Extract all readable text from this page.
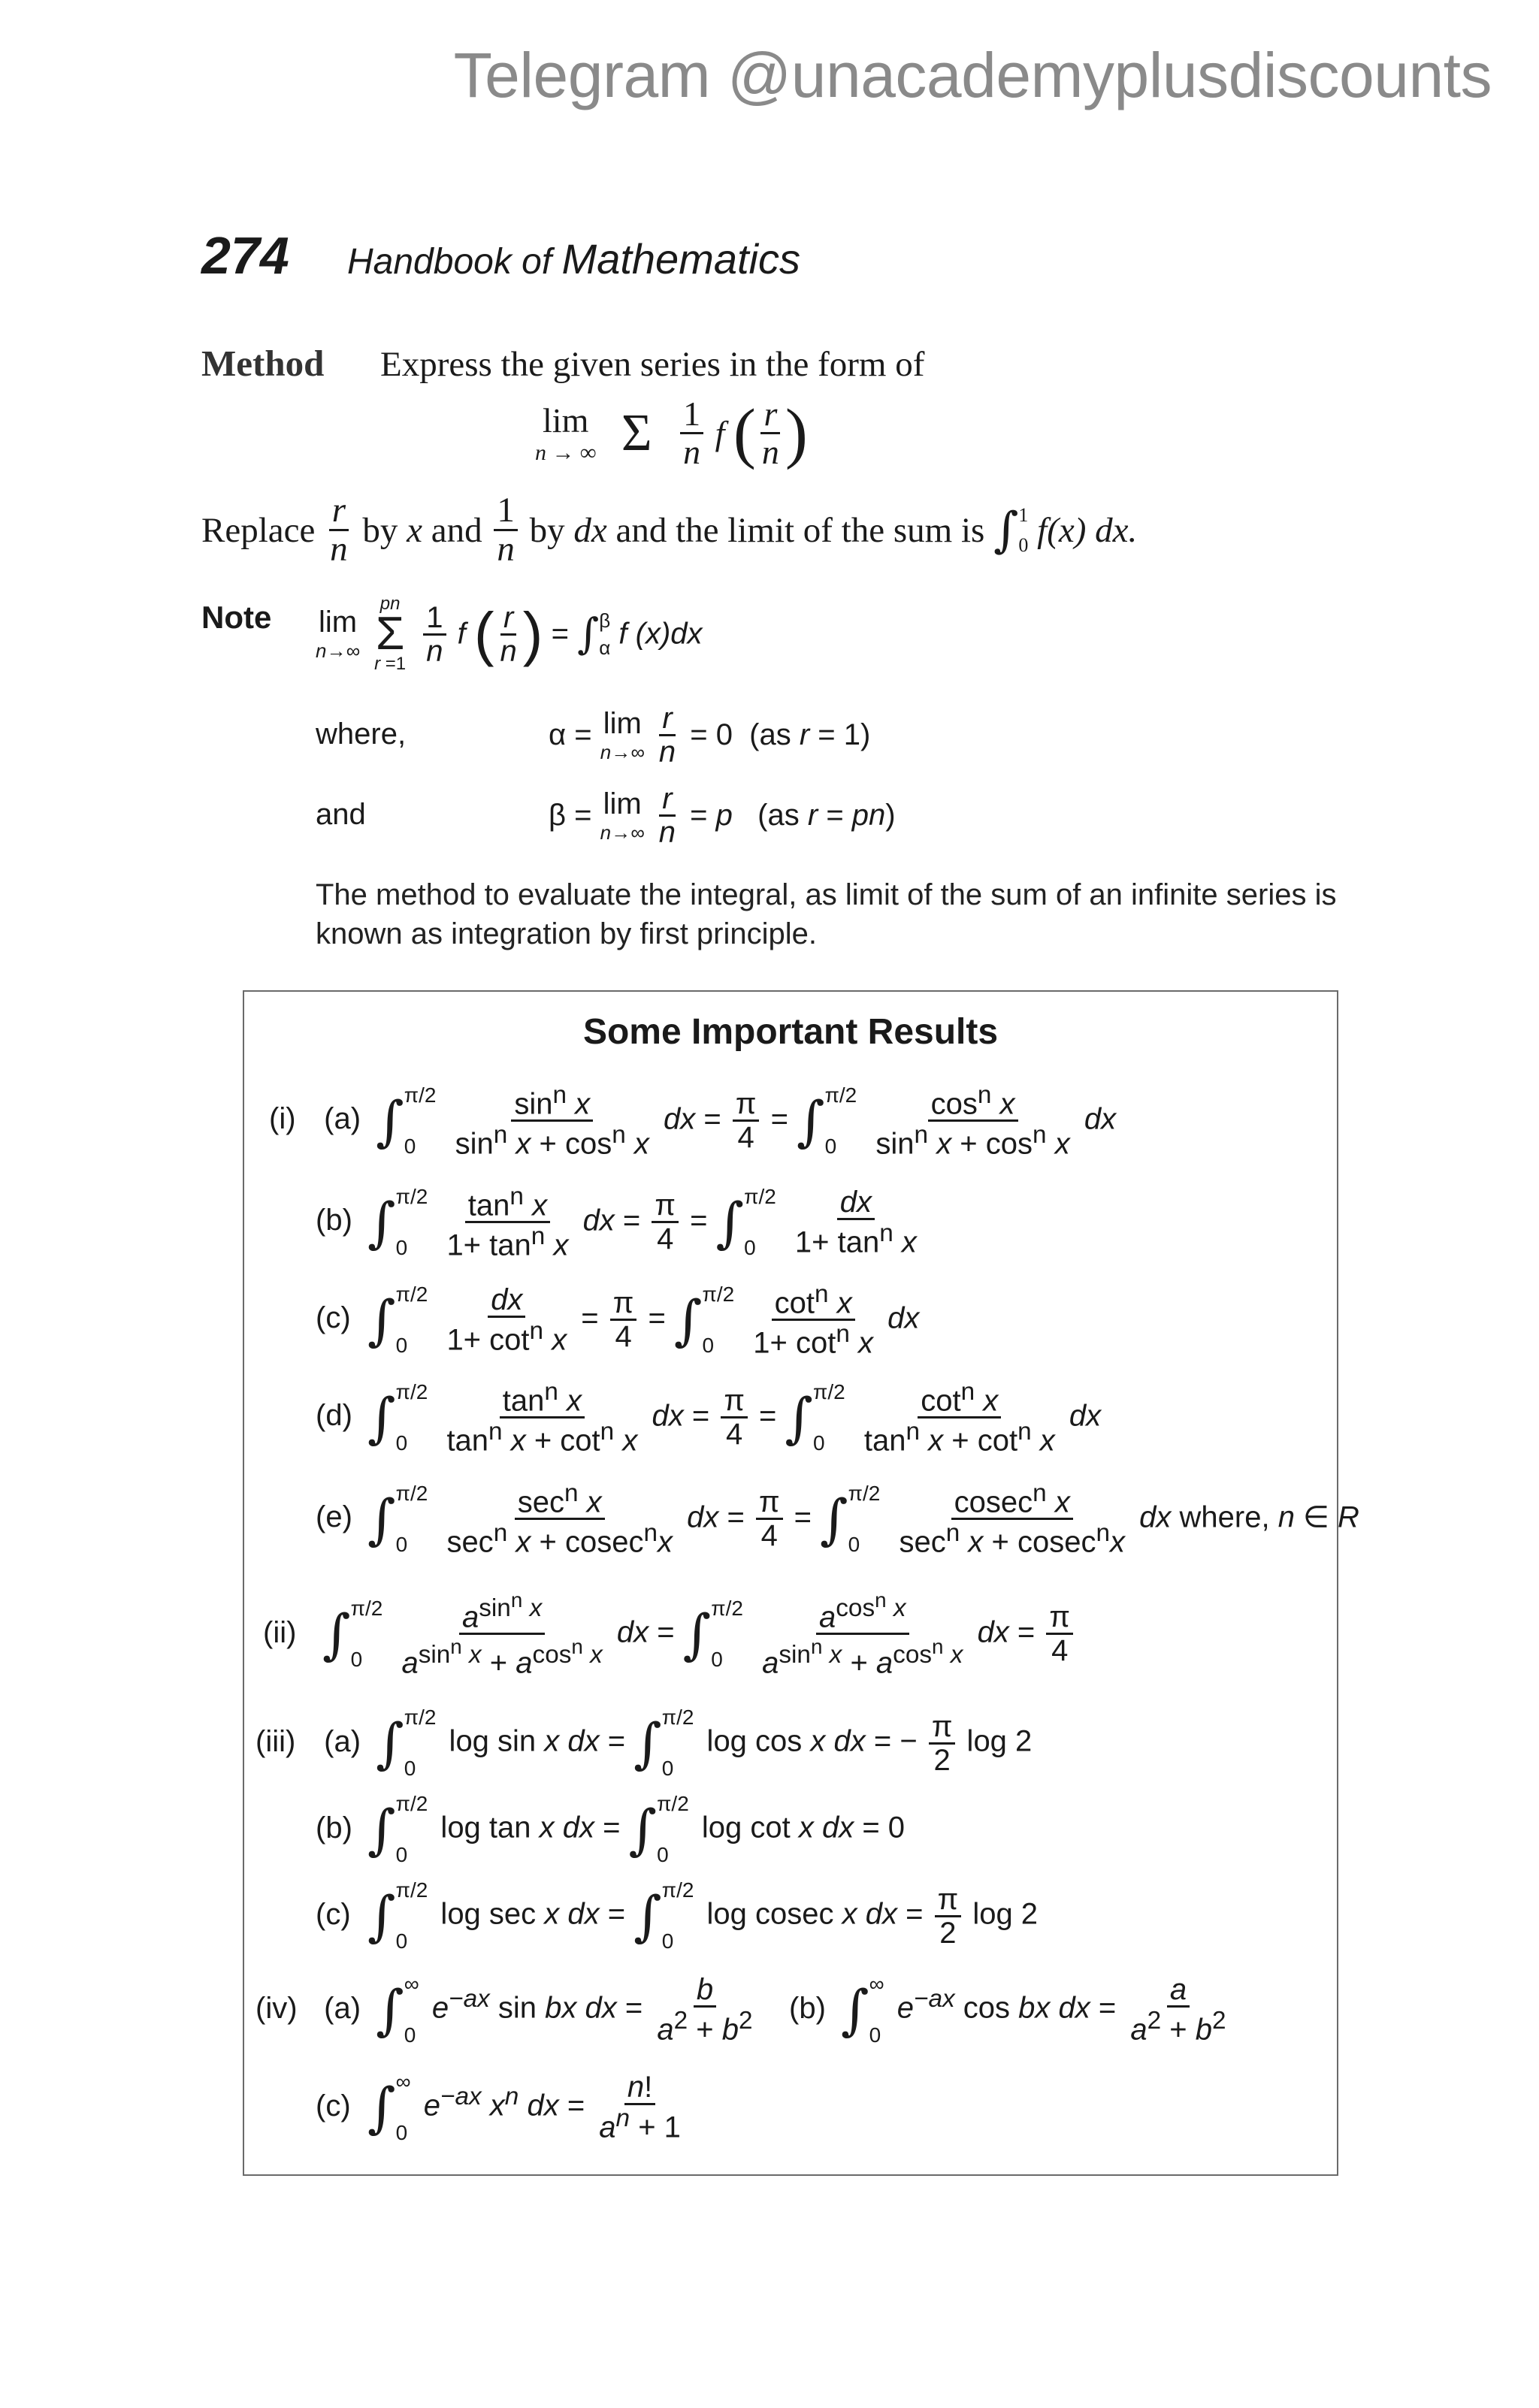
Telegram @unacademyplusdiscounts
274 Handbook of Mathematics
Method Express the given series in the form of
lim
n → ∞ Σ $\frac{1}{n}$ f ( $\frac{r}{n}$ )
Replace $\frac{r}{n}$ by x and $\frac{1}{n}$ by dx and the limit of the sum is ∫ 1
0 f(x) dx.
Note lim
n→∞

pn
Σ
r =1
$\frac{1}{n}$ f ( $\frac{r}{n}$ ) = ∫ β
α f (x)dx
where,	α = lim
n→∞
$\frac{r}{n} = 0$  (as r = 1)
and	β = lim
n→∞
$\frac{r}{n} = p$   (as r = pn)
The method to evaluate the integral, as limit of the sum of an infinite series is known as integration by first principle.
Some Important Results
(i) (a) ∫ π/2
0
	$\frac{\sin^n x}{\sin^n x + \cos^n x}$ dx = $\frac{\pi}{4}$ = ∫ π/2
0
	$\frac{\cos^n x}{\sin^n x + \cos^n x}$ dx
(b) ∫ π/2
0
	$\frac{\tan^n x}{1+ \tan^n x}$ dx = $\frac{\pi}{4}$ = ∫ π/2
0
	$\frac{dx}{1+ \tan^n x}$
(c) ∫ π/2
0
	$\frac{dx}{1+ \cot^n x} = \frac{\pi}{4}$ = ∫ π/2
0
	$\frac{\cot^n x}{1+ \cot^n x}$ dx
(d) ∫ π/2
0
	$\frac{\tan^n x}{\tan^n x + \cot^n x}$ dx = $\frac{\pi}{4}$ = ∫ π/2
0
	$\frac{\cot^n x}{\tan^n x + \cot^n x}$ dx
(e) ∫ π/2
0
	$\frac{\sec^n x}{\sec^n x + cosec^nx}$ dx = $\frac{\pi}{4}$ = ∫ π/2
0
	$\frac{cosec^n x}{\sec^n x + cosec^nx}$ dx where, n ∈ R
(ii) ∫ π/2
0
	$\frac{a^{sin^n x}}{a^{sin^n x} + a^{cos^n x}}$ dx = ∫ π/2
0
	$\frac{a^{cos^n x}}{a^{sin^n x} + a^{cos^n x}}$ dx = $\frac{\pi}{4}$
(iii) (a) ∫ π/2
0
log sin x dx = ∫ π/2
0
log cos x dx = − $\frac{\pi}{2}$ log 2
(b) ∫ π/2
0
log tan x dx = ∫ π/2
0
log cot x dx = 0
(c) ∫ π/2
0
log sec x dx = ∫ π/2
0
log cosec x dx = $\frac{\pi}{2}$ log 2
(iv) (a) ∫ ∞
0
$e^{-ax}$ sin bx dx = $\frac{b}{a^2 + b^2} (b)$ ∫ ∞
0
$e^{-ax}$ cos bx dx = $\frac{a}{a^2 + b^2}$
(c) ∫ ∞
0
$e^{-ax}$ $x^n$ dx = $\frac{n!}{a^n + 1}$
